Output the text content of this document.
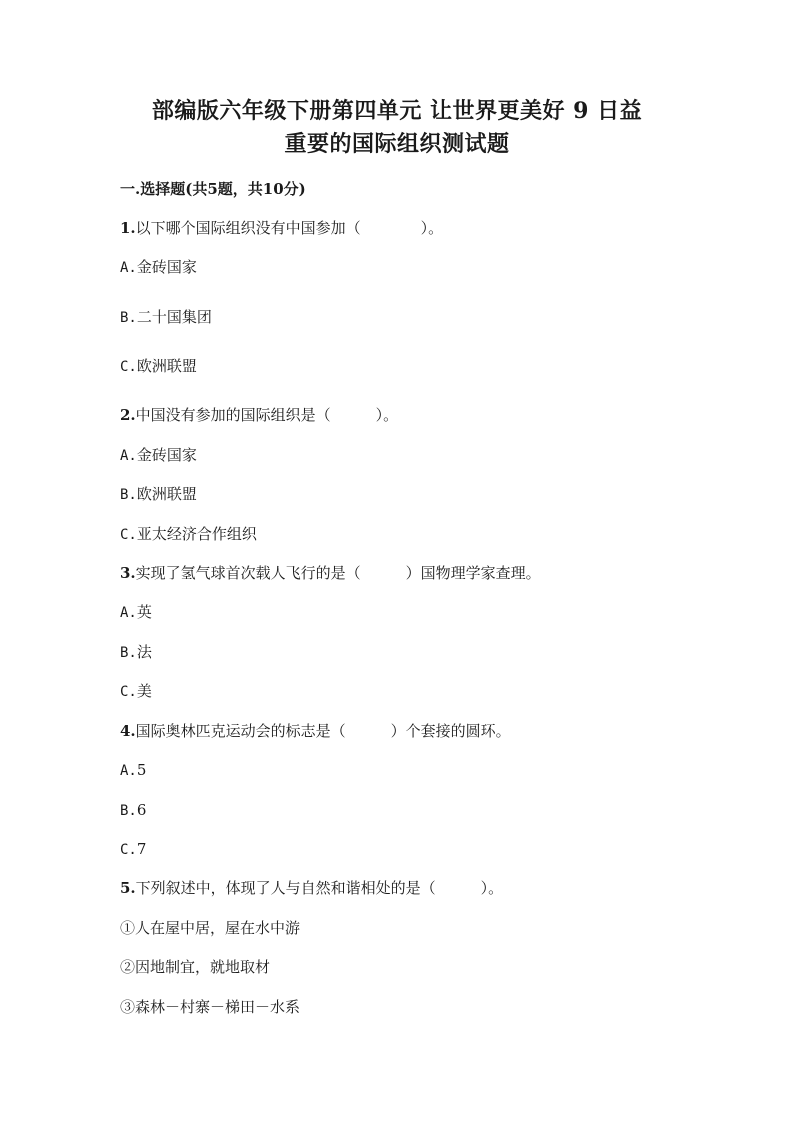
部编版六年级下册第四单元 让世界更美好 9 日益
重要的国际组织测试题
一.选择题(共5题，共10分)
1.以下哪个国际组织没有中国参加（　　　　）。
A.金砖国家
B.二十国集团
C.欧洲联盟
2.中国没有参加的国际组织是（　　　）。
A.金砖国家
B.欧洲联盟
C.亚太经济合作组织
3.实现了氢气球首次载人飞行的是（　　　）国物理学家查理。
A.英
B.法
C.美
4.国际奥林匹克运动会的标志是（　　　）个套接的圆环。
A.5
B.6
C.7
5.下列叙述中，体现了人与自然和谐相处的是（　　　）。
①人在屋中居，屋在水中游
②因地制宜，就地取材
③森林－村寨－梯田－水系
